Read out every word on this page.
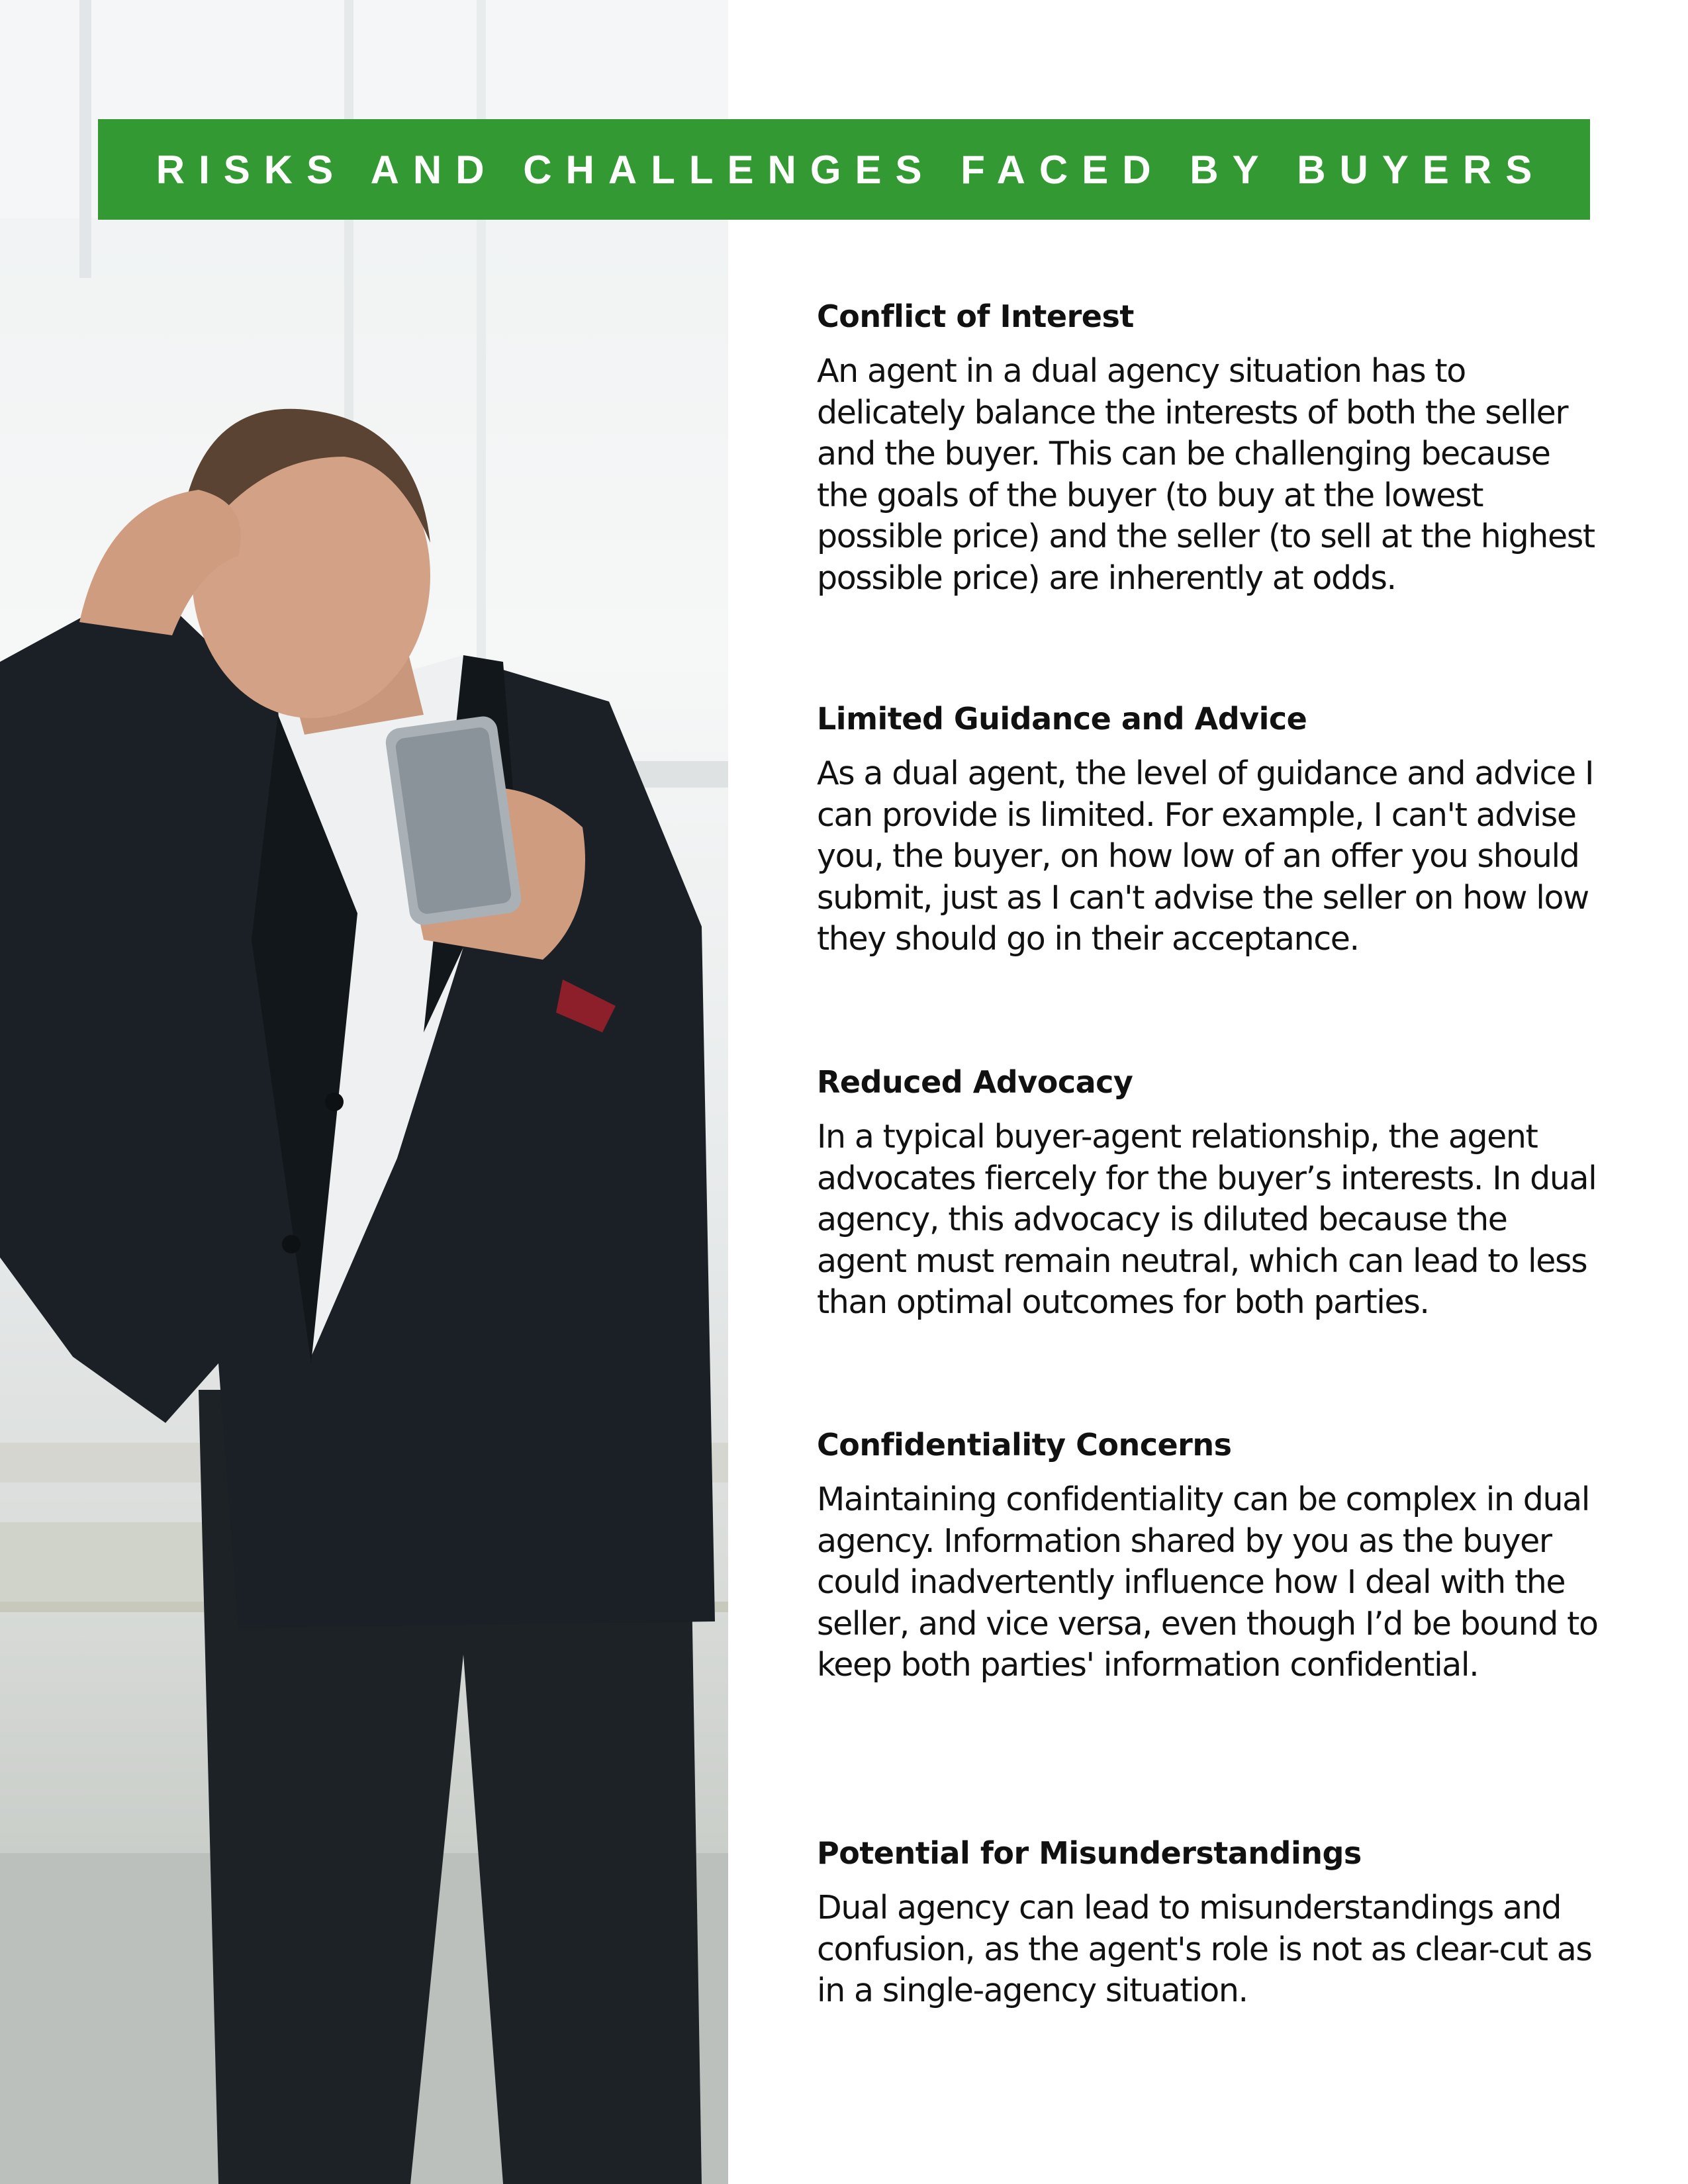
RISKS AND CHALLENGES FACED BY BUYERS
Conflict of Interest

An agent in a dual agency situation has to delicately balance the interests of both the seller and the buyer. This can be challenging because the goals of the buyer (to buy at the lowest possible price) and the seller (to sell at the highest possible price) are inherently at odds.

Limited Guidance and Advice

As a dual agent, the level of guidance and advice I can provide is limited. For example, I can't advise you, the buyer, on how low of an offer you should submit, just as I can't advise the seller on how low they should go in their acceptance.

Reduced Advocacy

In a typical buyer-agent relationship, the agent advocates fiercely for the buyer’s interests. In dual agency, this advocacy is diluted because the agent must remain neutral, which can lead to less than optimal outcomes for both parties.

Confidentiality Concerns

Maintaining confidentiality can be complex in dual agency. Information shared by you as the buyer could inadvertently influence how I deal with the seller, and vice versa, even though I’d be bound to keep both parties' information confidential.

Potential for Misunderstandings

Dual agency can lead to misunderstandings and confusion, as the agent's role is not as clear-cut as in a single-agency situation.
